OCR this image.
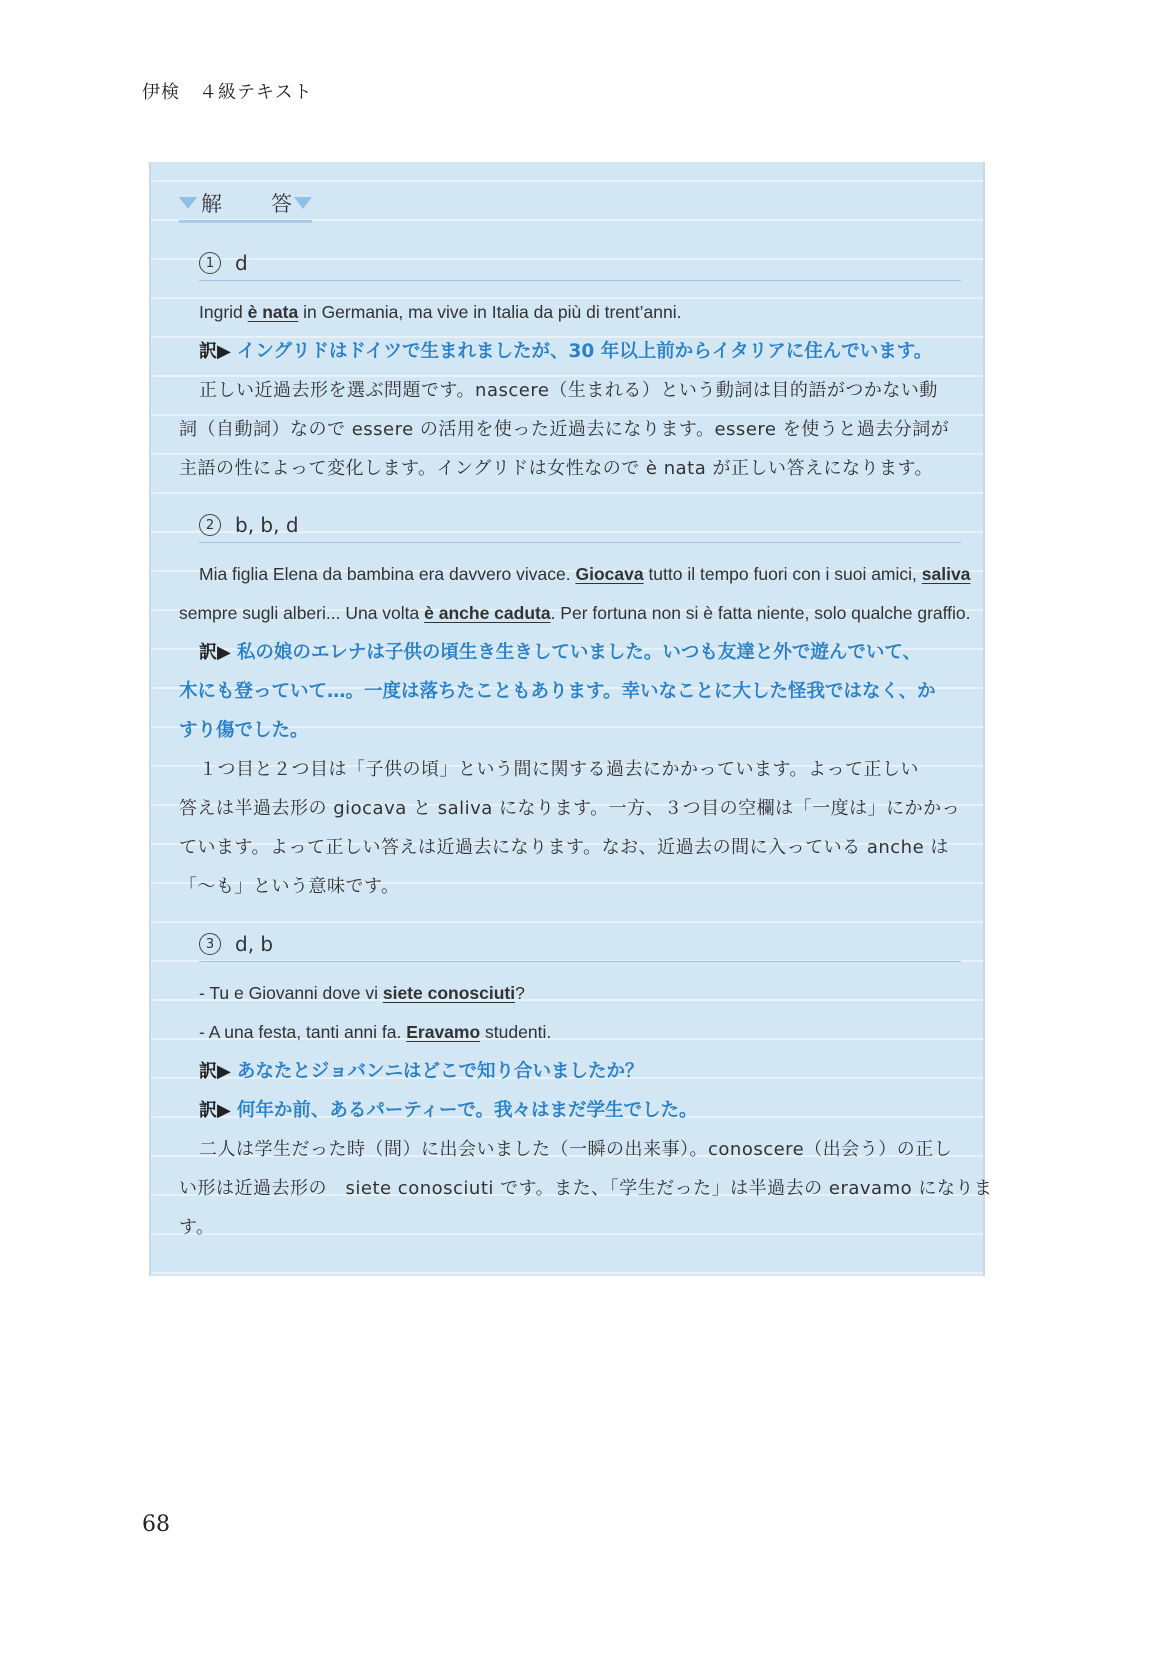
伊検　４級テキスト
解　答
1	d
Ingrid è nata in Germania, ma vive in Italia da più di trent’anni.
訳▶ イングリドはドイツで生まれましたが、30 年以上前からイタリアに住んでいます。
正しい近過去形を選ぶ問題です。nascere（生まれる）という動詞は目的語がつかない動
詞（自動詞）なので essere の活用を使った近過去になります。essere を使うと過去分詞が
主語の性によって変化します。イングリドは女性なので è nata が正しい答えになります。
2	b, b, d
Mia figlia Elena da bambina era davvero vivace. Giocava tutto il tempo fuori con i suoi amici, saliva
sempre sugli alberi... Una volta è anche caduta. Per fortuna non si è fatta niente, solo qualche graffio.
訳▶ 私の娘のエレナは子供の頃生き生きしていました。いつも友達と外で遊んでいて、
木にも登っていて…。一度は落ちたこともあります。幸いなことに大した怪我ではなく、か
すり傷でした。
１つ目と２つ目は「子供の頃」という間に関する過去にかかっています。よって正しい
答えは半過去形の giocava と saliva になります。一方、３つ目の空欄は「一度は」にかかっ
ています。よって正しい答えは近過去になります。なお、近過去の間に入っている anche は
「～も」という意味です。
3	d, b
- Tu e Giovanni dove vi siete conosciuti?
- A una festa, tanti anni fa. Eravamo studenti.
訳▶ あなたとジョバンニはどこで知り合いましたか？
訳▶ 何年か前、あるパーティーで。我々はまだ学生でした。
二人は学生だった時（間）に出会いました（一瞬の出来事）。conoscere（出会う）の正し
い形は近過去形の　siete conosciuti です。また、「学生だった」は半過去の eravamo になりま
す。
68
